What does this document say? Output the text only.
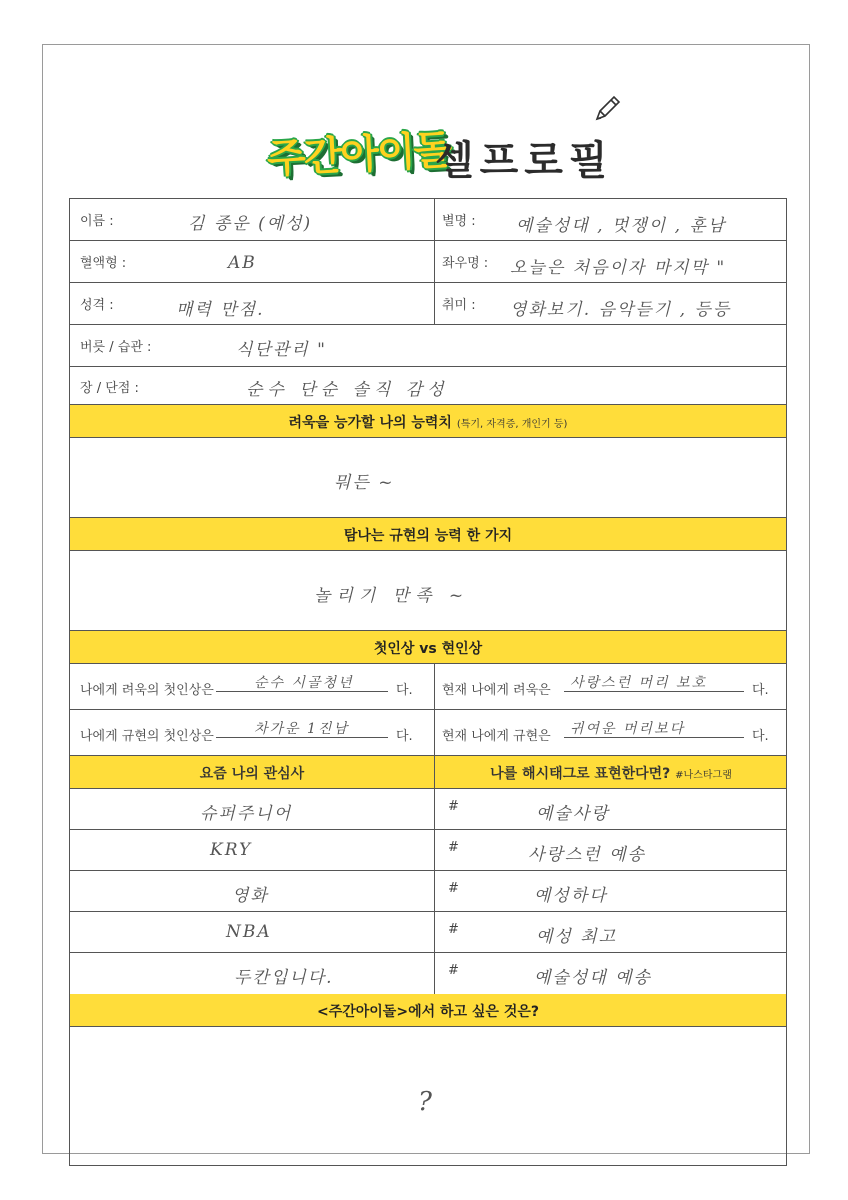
주간아이돌
셀프로필
이름 :	김 종운 (예성)	별명 : 예술성대 , 멋쟁이 , 훈남
혈액형 :	AB	좌우명 : 오늘은 처음이자 마지막 "
성격 :	매력 만점.	취미 : 영화보기. 음악듣기 , 등등
버릇 / 습관 :	식단관리 "
장 / 단점 :	순수 단순 솔직 감성
려욱을 능가할 나의 능력치 (특기, 자격증, 개인기 등)
뭐든 ~
탐나는 규현의 능력 한 가지
놀리기 만족 ~
첫인상 vs 현인상
나에게 려욱의 첫인상은	순수 시골청년	다. 현재 나에게 려욱은 사랑스런 머리 보호	다.
나에게 규현의 첫인상은	차가운 1진남	다. 현재 나에게 규현은 귀여운 머리보다	다.
요즘 나의 관심사	나를 해시태그로 표현한다면? #나스타그램
슈퍼주니어	#	예술사랑
KRY	#	사랑스런 예송
영화	#	예성하다
NBA	#	예성 최고
두칸입니다.	#	예술성대 예송
<주간아이돌>에서 하고 싶은 것은?
?
